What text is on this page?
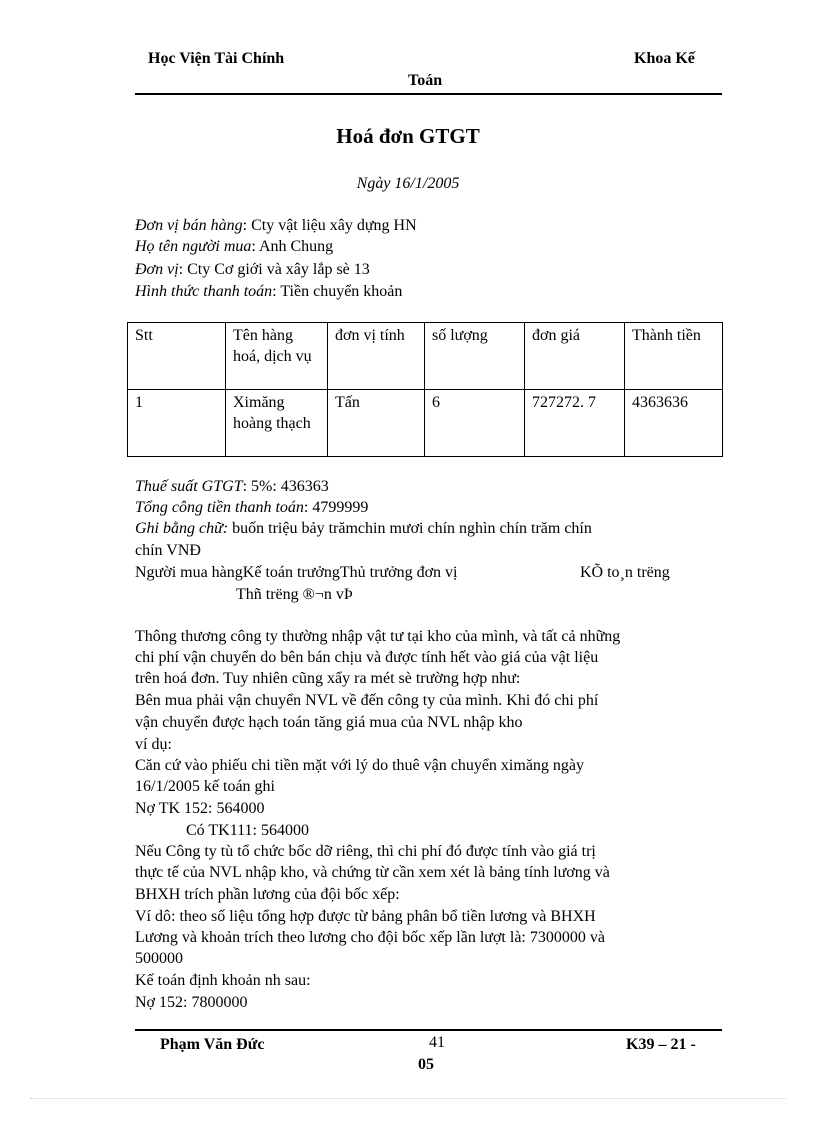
Học Viện Tài Chính	Khoa Kế
Toán
Hoá đơn GTGT
Ngày 16/1/2005
Đơn vị bán hàng: Cty vật liệu xây dựng HN
Họ tên người mua: Anh Chung
Đơn vị: Cty Cơ giới và xây lắp sè 13
Hình thức thanh toán: Tiền chuyển khoản
Stt	Tên hàng hoá, dịch vụ	đơn vị tính	số lượng	đơn giá	Thành tiền
1	Ximăng hoàng thạch	Tấn	6	727272. 7	4363636
Thuế suất GTGT: 5%: 436363
Tổng công tiền thanh toán: 4799999
Ghi bằng chữ: buốn triệu bảy trămchin mươi chín nghìn chín trăm chín
chín VNĐ
Người mua hàngKế toán trưởngThủ trưởng đơn vị	KÕ to¸n trëng
Thñ trëng ®¬n vÞ
Thông thương công ty thường nhập vật tư tại kho của mình, và tất cả những
chi phí vận chuyển do bên bán chịu và được tính hết vào giá của vật liệu
trên hoá đơn. Tuy nhiên cũng xẩy ra mét sè trường hợp như:
Bên mua phải vận chuyển NVL về đến công ty của mình. Khi đó chi phí
vận chuyển được hạch toán tăng giá mua của NVL nhập kho
ví dụ:
Căn cứ vào phiếu chi tiền mặt với lý do thuê vận chuyển ximăng ngày
16/1/2005 kế toán ghi
Nợ TK 152: 564000
Có TK111: 564000
Nếu Công ty tù tổ chức bốc dỡ riêng, thì chi phí đó được tính vào giá trị
thực tế của NVL nhập kho, và chứng từ cần xem xét là bảng tính lương và
BHXH trích phần lương của đội bốc xếp:
Ví dô: theo số liệu tổng hợp được từ bảng phân bổ tiền lương và BHXH
Lương và khoản trích theo lương cho đội bốc xếp lần lượt là: 7300000 và
500000
Kế toán định khoản nh sau:
Nợ 152: 7800000
Phạm Văn Đức	41	K39 – 21 -
05
